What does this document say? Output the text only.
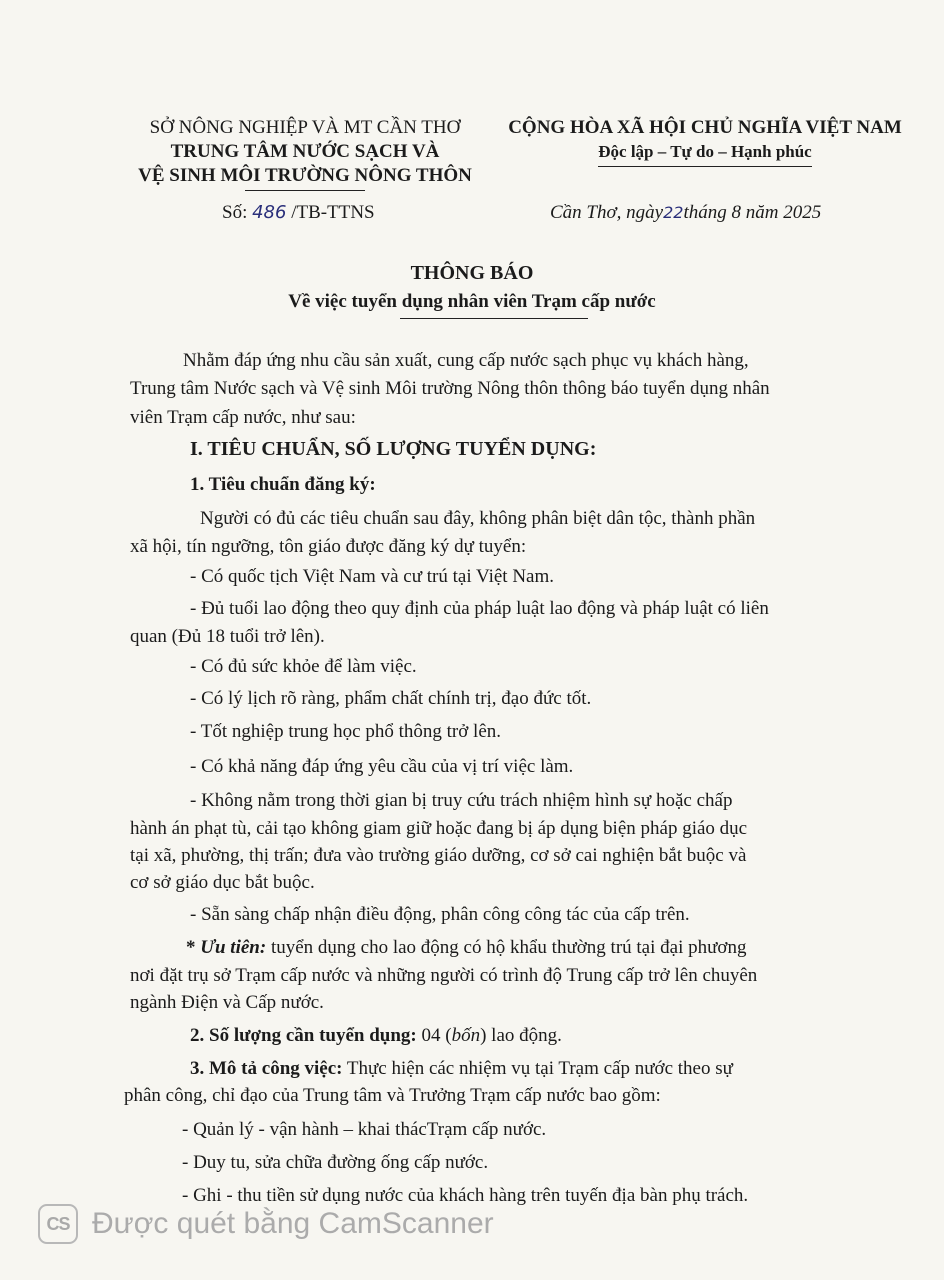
SỞ NÔNG NGHIỆP VÀ MT CẦN THƠ
TRUNG TÂM NƯỚC SẠCH VÀ
VỆ SINH MÔI TRƯỜNG NÔNG THÔN
Số: 486 /TB-TTNS
CỘNG HÒA XÃ HỘI CHỦ NGHĨA VIỆT NAM
Độc lập – Tự do – Hạnh phúc
Cần Thơ, ngày22tháng 8 năm 2025
THÔNG BÁO
Về việc tuyển dụng nhân viên Trạm cấp nước
Nhằm đáp ứng nhu cầu sản xuất, cung cấp nước sạch phục vụ khách hàng,
Trung tâm Nước sạch và Vệ sinh Môi trường Nông thôn thông báo tuyển dụng nhân
viên Trạm cấp nước, như sau:
I. TIÊU CHUẨN, SỐ LƯỢNG TUYỂN DỤNG:
1. Tiêu chuẩn đăng ký:
Người có đủ các tiêu chuẩn sau đây, không phân biệt dân tộc, thành phần
xã hội, tín ngưỡng, tôn giáo được đăng ký dự tuyển:
- Có quốc tịch Việt Nam và cư trú tại Việt Nam.
- Đủ tuổi lao động theo quy định của pháp luật lao động và pháp luật có liên
quan (Đủ 18 tuổi trở lên).
- Có đủ sức khỏe để làm việc.
- Có lý lịch rõ ràng, phẩm chất chính trị, đạo đức tốt.
- Tốt nghiệp trung học phổ thông trở lên.
- Có khả năng đáp ứng yêu cầu của vị trí việc làm.
- Không nằm trong thời gian bị truy cứu trách nhiệm hình sự hoặc chấp
hành án phạt tù, cải tạo không giam giữ hoặc đang bị áp dụng biện pháp giáo dục
tại xã, phường, thị trấn; đưa vào trường giáo dưỡng, cơ sở cai nghiện bắt buộc và
cơ sở giáo dục bắt buộc.
- Sẵn sàng chấp nhận điều động, phân công công tác của cấp trên.
* Ưu tiên: tuyển dụng cho lao động có hộ khẩu thường trú tại đại phương
nơi đặt trụ sở Trạm cấp nước và những người có trình độ Trung cấp trở lên chuyên
ngành Điện và Cấp nước.
2. Số lượng cần tuyển dụng: 04 (bốn) lao động.
3. Mô tả công việc: Thực hiện các nhiệm vụ tại Trạm cấp nước theo sự
phân công, chỉ đạo của Trung tâm và Trưởng Trạm cấp nước bao gồm:
- Quản lý - vận hành – khai thácTrạm cấp nước.
- Duy tu, sửa chữa đường ống cấp nước.
- Ghi - thu tiền sử dụng nước của khách hàng trên tuyến địa bàn phụ trách.
CS Được quét bằng CamScanner
